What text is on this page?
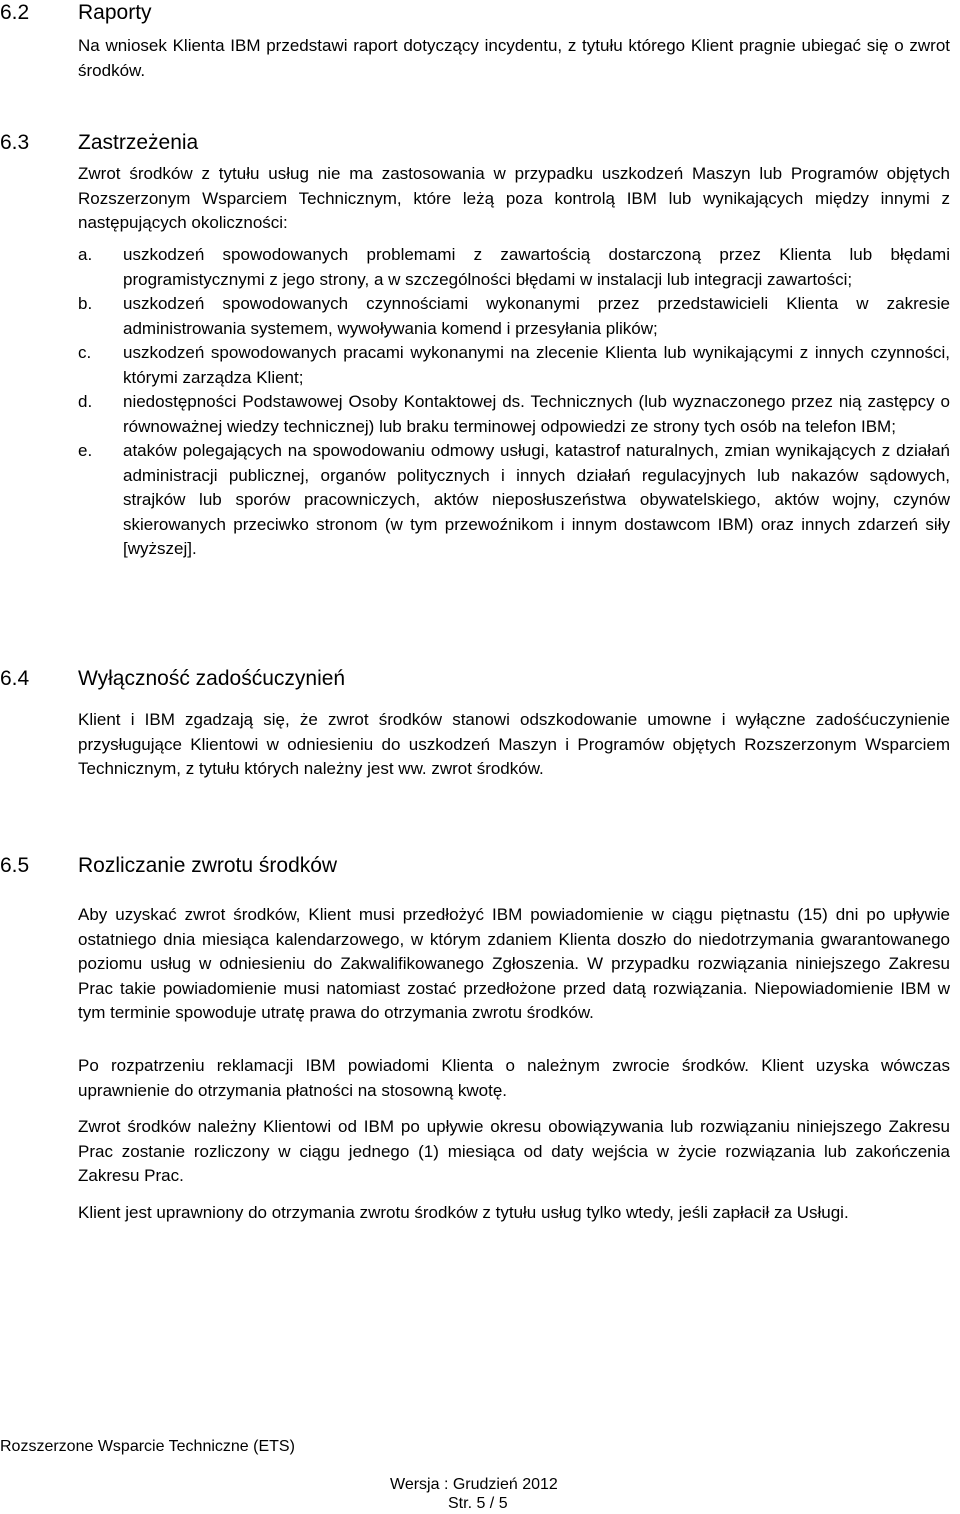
6.2 Raporty

Na wniosek Klienta IBM przedstawi raport dotyczący incydentu, z tytułu którego Klient pragnie ubiegać się o zwrot środków.

6.3 Zastrzeżenia

Zwrot środków z tytułu usług nie ma zastosowania w przypadku uszkodzeń Maszyn lub Programów objętych Rozszerzonym Wsparciem Technicznym, które leżą poza kontrolą IBM lub wynikających między innymi z następujących okoliczności:

a. uszkodzeń spowodowanych problemami z zawartością dostarczoną przez Klienta lub błędami programistycznymi z jego strony, a w szczególności błędami w instalacji lub integracji zawartości;
b. uszkodzeń spowodowanych czynnościami wykonanymi przez przedstawicieli Klienta w zakresie administrowania systemem, wywoływania komend i przesyłania plików;
c. uszkodzeń spowodowanych pracami wykonanymi na zlecenie Klienta lub wynikającymi z innych czynności, którymi zarządza Klient;
d. niedostępności Podstawowej Osoby Kontaktowej ds. Technicznych (lub wyznaczonego przez nią zastępcy o równoważnej wiedzy technicznej) lub braku terminowej odpowiedzi ze strony tych osób na telefon IBM;
e. ataków polegających na spowodowaniu odmowy usługi, katastrof naturalnych, zmian wynikających z działań administracji publicznej, organów politycznych i innych działań regulacyjnych lub nakazów sądowych, strajków lub sporów pracowniczych, aktów nieposłuszeństwa obywatelskiego, aktów wojny, czynów skierowanych przeciwko stronom (w tym przewoźnikom i innym dostawcom IBM) oraz innych zdarzeń siły [wyższej].
6.4 Wyłączność zadośćuczynień

Klient i IBM zgadzają się, że zwrot środków stanowi odszkodowanie umowne i wyłączne zadośćuczynienie przysługujące Klientowi w odniesieniu do uszkodzeń Maszyn i Programów objętych Rozszerzonym Wsparciem Technicznym, z tytułu których należny jest ww. zwrot środków.

6.5 Rozliczanie zwrotu środków

Aby uzyskać zwrot środków, Klient musi przedłożyć IBM powiadomienie w ciągu piętnastu (15) dni po upływie ostatniego dnia miesiąca kalendarzowego, w którym zdaniem Klienta doszło do niedotrzymania gwarantowanego poziomu usług w odniesieniu do Zakwalifikowanego Zgłoszenia. W przypadku rozwiązania niniejszego Zakresu Prac takie powiadomienie musi natomiast zostać przedłożone przed datą rozwiązania. Niepowiadomienie IBM w tym terminie spowoduje utratę prawa do otrzymania zwrotu środków.

Po rozpatrzeniu reklamacji IBM powiadomi Klienta o należnym zwrocie środków. Klient uzyska wówczas uprawnienie do otrzymania płatności na stosowną kwotę.

Zwrot środków należny Klientowi od IBM po upływie okresu obowiązywania lub rozwiązaniu niniejszego Zakresu Prac zostanie rozliczony w ciągu jednego (1) miesiąca od daty wejścia w życie rozwiązania lub zakończenia Zakresu Prac.

Klient jest uprawniony do otrzymania zwrotu środków z tytułu usług tylko wtedy, jeśli zapłacił za Usługi.

Rozszerzone Wsparcie Techniczne (ETS)
Wersja : Grudzień 2012
Str. 5 / 5
